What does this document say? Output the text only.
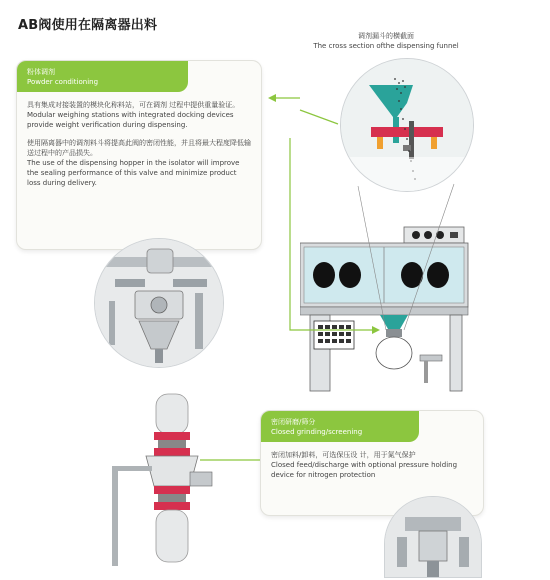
AB阀使用在隔离器出料
调剂漏斗的横截面
The cross section ofthe dispensing funnel
粉体调剂
Powder conditioning

具有集成对接装置的模块化称料站，可在调剂 过程中提供重量验证。
Modular weighing stations with integrated docking devices provide weight verification during dispensing.

使用隔离器中的调剂料斗将提高此阀的密闭性能，并且将最大程度降低输送过程中的产品损失。
The use of the dispensing hopper in the isolator will improve the sealing performance of this valve and minimize product loss during delivery.

密闭研磨/筛分
Closed grinding/screening

密闭加料/卸料，可选保压设 计，用于氮气保护
Closed feed/discharge with optional pressure holding device for nitrogen protection
